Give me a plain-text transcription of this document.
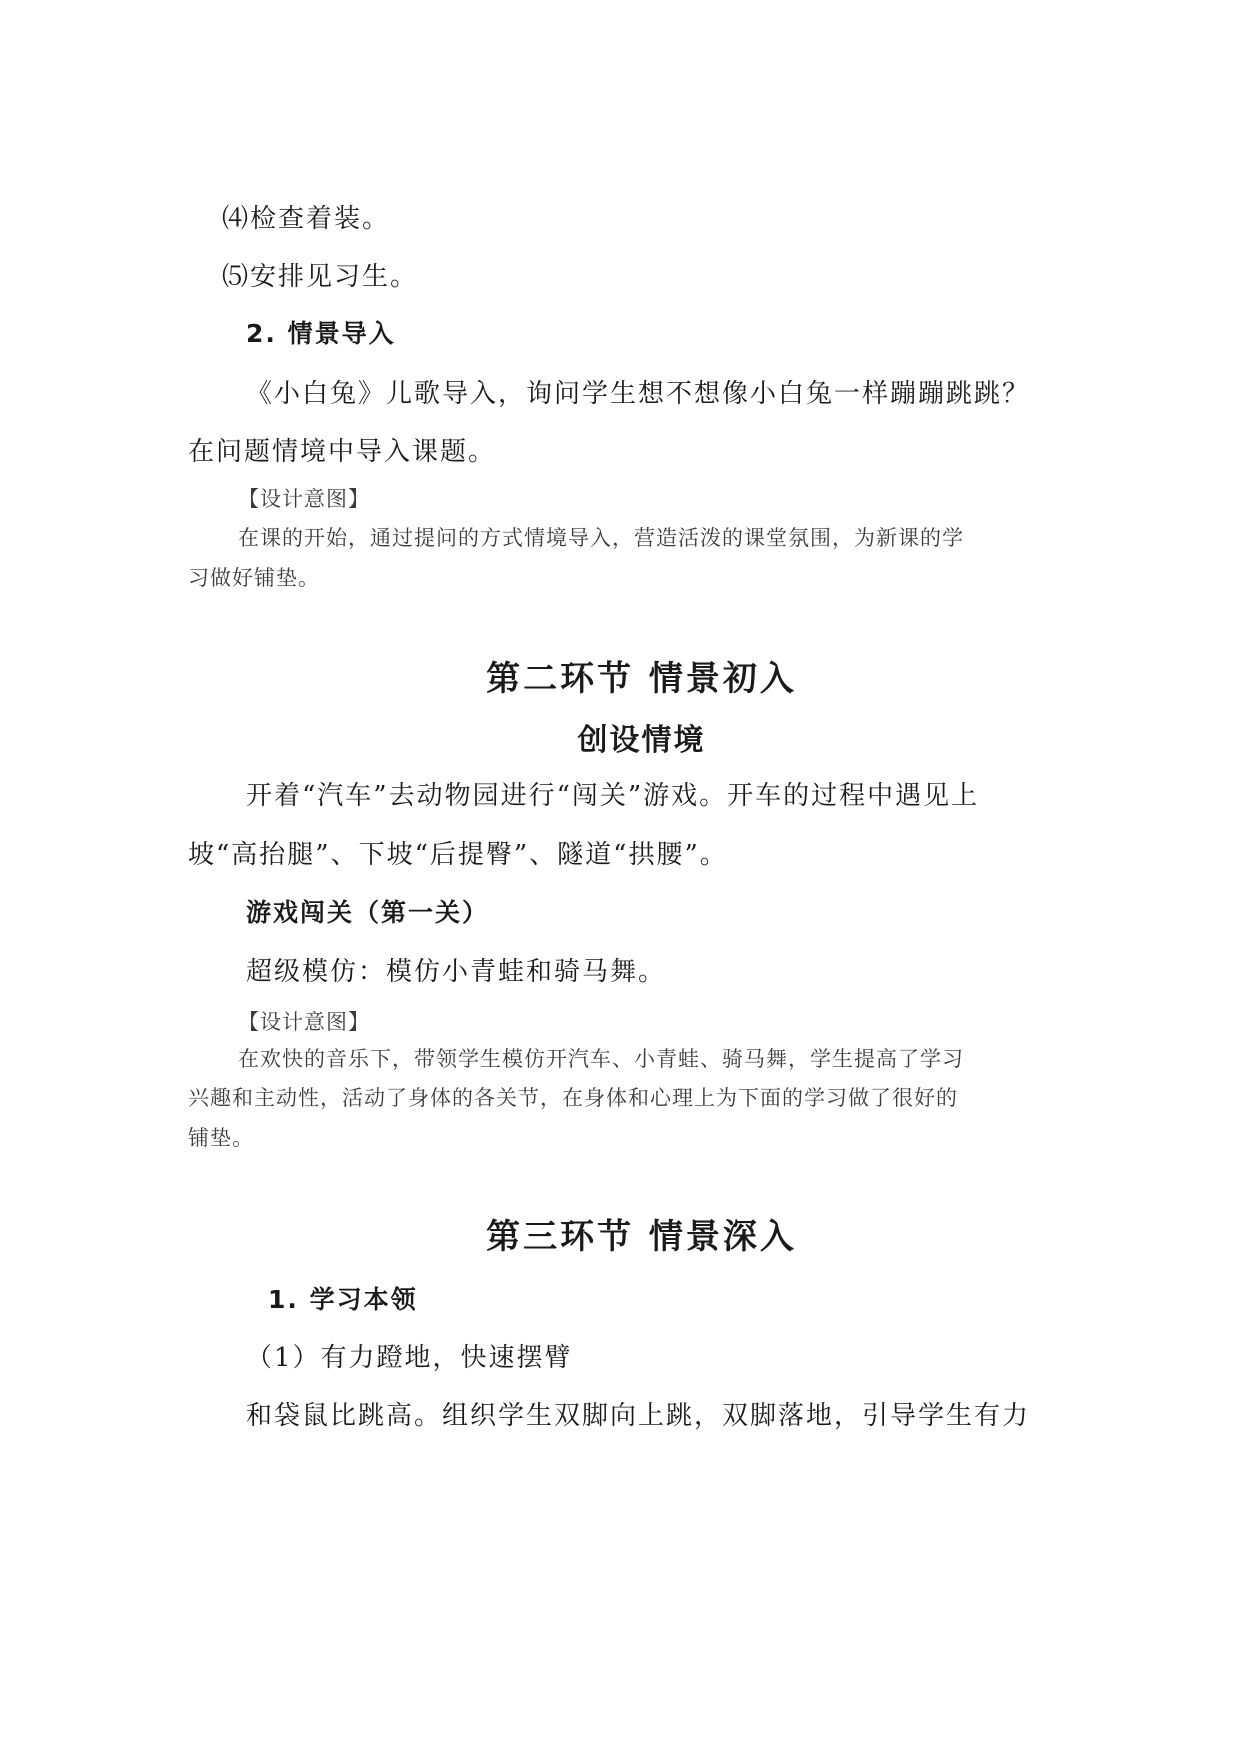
⑷检查着装。

⑸安排见习生。

2. 情景导入

《小白兔》儿歌导入，询问学生想不想像小白兔一样蹦蹦跳跳？

在问题情境中导入课题。

【设计意图】

在课的开始，通过提问的方式情境导入，营造活泼的课堂氛围，为新课的学

习做好铺垫。

第二环节 情景初入
创设情境

开着“汽车”去动物园进行“闯关”游戏。开车的过程中遇见上

坡“高抬腿”、下坡“后提臀”、隧道“拱腰”。

游戏闯关（第一关）

超级模仿：模仿小青蛙和骑马舞。

【设计意图】

在欢快的音乐下，带领学生模仿开汽车、小青蛙、骑马舞，学生提高了学习

兴趣和主动性，活动了身体的各关节，在身体和心理上为下面的学习做了很好的

铺垫。

第三环节 情景深入

1. 学习本领

（1）有力蹬地，快速摆臂

和袋鼠比跳高。组织学生双脚向上跳，双脚落地，引导学生有力
